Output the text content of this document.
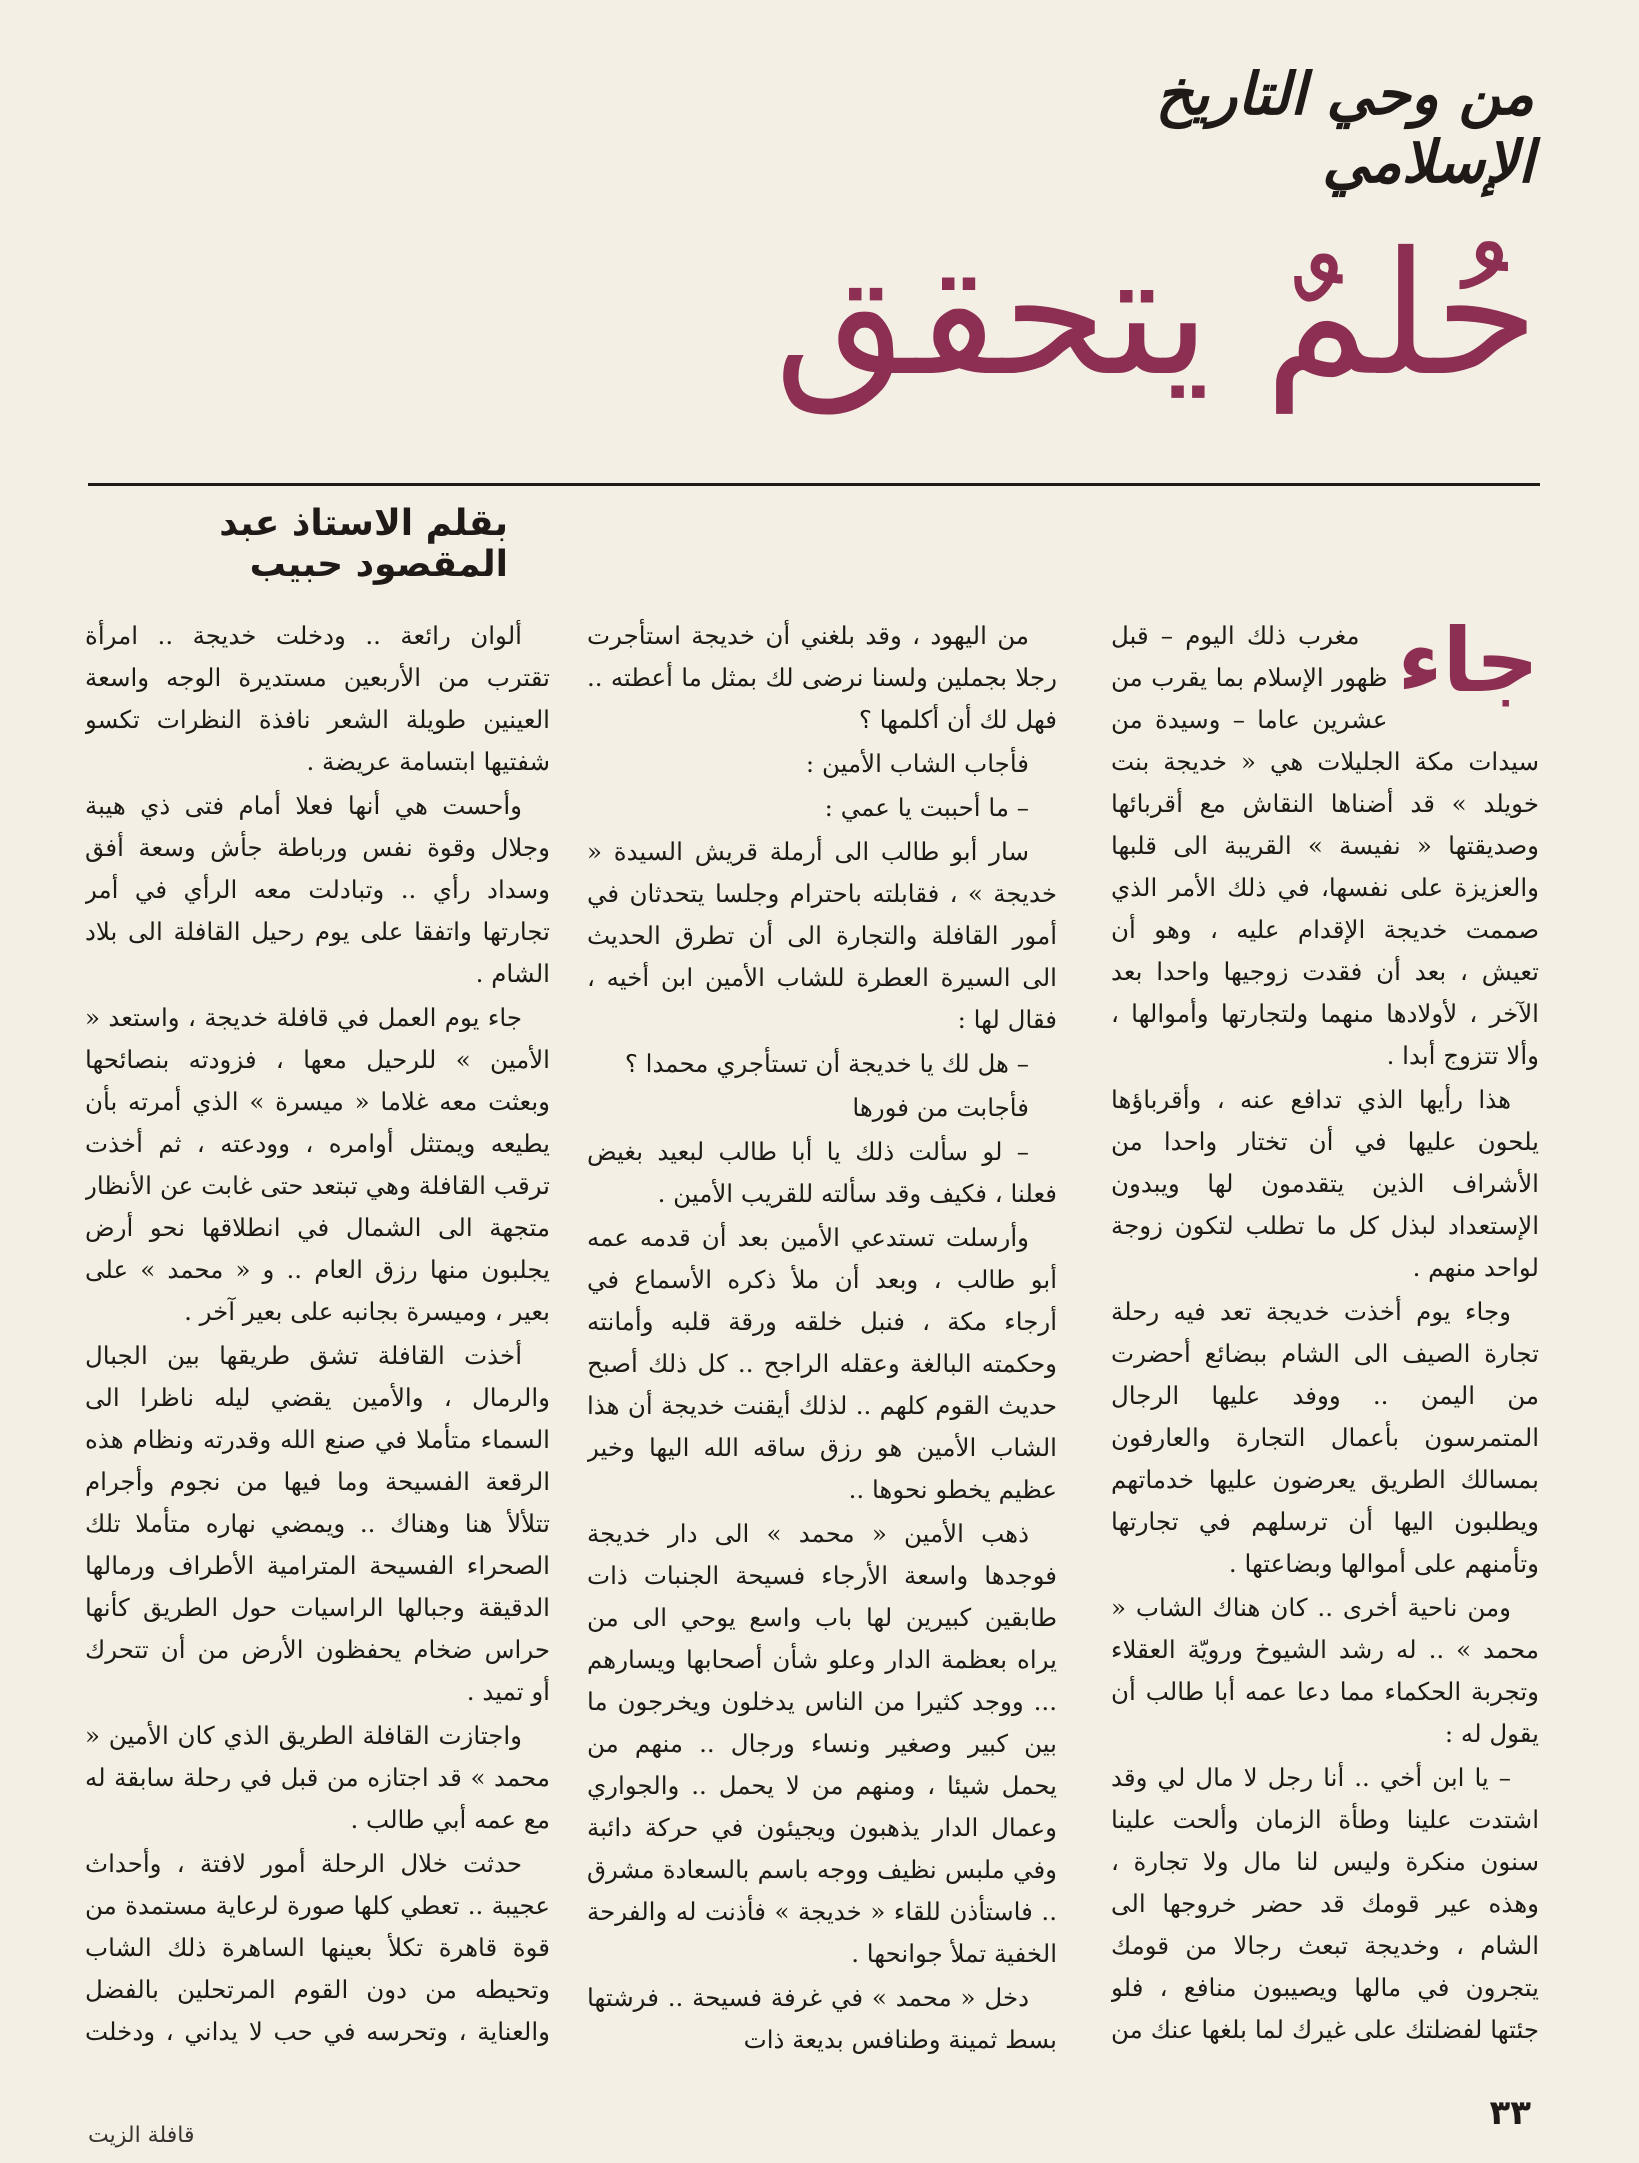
من وحي التاريخ الإسلامي
حُلمٌ يتحقق
بقلم الاستاذ عبد المقصود حبيب
جاء

مغرب ذلك اليوم – قبل ظهور الإسلام بما يقرب من عشرين عاما – وسيدة من سيدات مكة الجليلات هي « خديجة بنت خويلد » قد أضناها النقاش مع أقربائها وصديقتها « نفيسة » القريبة الى قلبها والعزيزة على نفسها، في ذلك الأمر الذي صممت خديجة الإقدام عليه ، وهو أن تعيش ، بعد أن فقدت زوجيها واحدا بعد الآخر ، لأولادها منهما ولتجارتها وأموالها ، وألا تتزوج أبدا .

هذا رأيها الذي تدافع عنه ، وأقرباؤها يلحون عليها في أن تختار واحدا من الأشراف الذين يتقدمون لها ويبدون الإستعداد لبذل كل ما تطلب لتكون زوجة لواحد منهم .

وجاء يوم أخذت خديجة تعد فيه رحلة تجارة الصيف الى الشام ببضائع أحضرت من اليمن .. ووفد عليها الرجال المتمرسون بأعمال التجارة والعارفون بمسالك الطريق يعرضون عليها خدماتهم ويطلبون اليها أن ترسلهم في تجارتها وتأمنهم على أموالها وبضاعتها .

ومن ناحية أخرى .. كان هناك الشاب « محمد » .. له رشد الشيوخ ورويّة العقلاء وتجربة الحكماء مما دعا عمه أبا طالب أن يقول له :

– يا ابن أخي .. أنا رجل لا مال لي وقد اشتدت علينا وطأة الزمان وألحت علينا سنون منكرة وليس لنا مال ولا تجارة ، وهذه عير قومك قد حضر خروجها الى الشام ، وخديجة تبعث رجالا من قومك يتجرون في مالها ويصيبون منافع ، فلو جئتها لفضلتك على غيرك لما بلغها عنك من

من اليهود ، وقد بلغني أن خديجة استأجرت رجلا بجملين ولسنا نرضى لك بمثل ما أعطته .. فهل لك أن أكلمها ؟

فأجاب الشاب الأمين :

– ما أحببت يا عمي :

سار أبو طالب الى أرملة قريش السيدة « خديجة » ، فقابلته باحترام وجلسا يتحدثان في أمور القافلة والتجارة الى أن تطرق الحديث الى السيرة العطرة للشاب الأمين ابن أخيه ، فقال لها :

– هل لك يا خديجة أن تستأجري محمدا ؟

فأجابت من فورها

– لو سألت ذلك يا أبا طالب لبعيد بغيض فعلنا ، فكيف وقد سألته للقريب الأمين .

وأرسلت تستدعي الأمين بعد أن قدمه عمه أبو طالب ، وبعد أن ملأ ذكره الأسماع في أرجاء مكة ، فنبل خلقه ورقة قلبه وأمانته وحكمته البالغة وعقله الراجح .. كل ذلك أصبح حديث القوم كلهم .. لذلك أيقنت خديجة أن هذا الشاب الأمين هو رزق ساقه الله اليها وخير عظيم يخطو نحوها ..

ذهب الأمين « محمد » الى دار خديجة فوجدها واسعة الأرجاء فسيحة الجنبات ذات طابقين كبيرين لها باب واسع يوحي الى من يراه بعظمة الدار وعلو شأن أصحابها ويسارهم ... ووجد كثيرا من الناس يدخلون ويخرجون ما بين كبير وصغير ونساء ورجال .. منهم من يحمل شيئا ، ومنهم من لا يحمل .. والجواري وعمال الدار يذهبون ويجيئون في حركة دائبة وفي ملبس نظيف ووجه باسم بالسعادة مشرق .. فاستأذن للقاء « خديجة » فأذنت له والفرحة الخفية تملأ جوانحها .

دخل « محمد » في غرفة فسيحة .. فرشتها بسط ثمينة وطنافس بديعة ذات

ألوان رائعة .. ودخلت خديجة .. امرأة تقترب من الأربعين مستديرة الوجه واسعة العينين طويلة الشعر نافذة النظرات تكسو شفتيها ابتسامة عريضة .

وأحست هي أنها فعلا أمام فتى ذي هيبة وجلال وقوة نفس ورباطة جأش وسعة أفق وسداد رأي .. وتبادلت معه الرأي في أمر تجارتها واتفقا على يوم رحيل القافلة الى بلاد الشام .

جاء يوم العمل في قافلة خديجة ، واستعد « الأمين » للرحيل معها ، فزودته بنصائحها وبعثت معه غلاما « ميسرة » الذي أمرته بأن يطيعه ويمتثل أوامره ، وودعته ، ثم أخذت ترقب القافلة وهي تبتعد حتى غابت عن الأنظار متجهة الى الشمال في انطلاقها نحو أرض يجلبون منها رزق العام .. و « محمد » على بعير ، وميسرة بجانبه على بعير آخر .

أخذت القافلة تشق طريقها بين الجبال والرمال ، والأمين يقضي ليله ناظرا الى السماء متأملا في صنع الله وقدرته ونظام هذه الرقعة الفسيحة وما فيها من نجوم وأجرام تتلألأ هنا وهناك .. ويمضي نهاره متأملا تلك الصحراء الفسيحة المترامية الأطراف ورمالها الدقيقة وجبالها الراسيات حول الطريق كأنها حراس ضخام يحفظون الأرض من أن تتحرك أو تميد .

واجتازت القافلة الطريق الذي كان الأمين « محمد » قد اجتازه من قبل في رحلة سابقة له مع عمه أبي طالب .

حدثت خلال الرحلة أمور لافتة ، وأحداث عجيبة .. تعطي كلها صورة لرعاية مستمدة من قوة قاهرة تكلأ بعينها الساهرة ذلك الشاب وتحيطه من دون القوم المرتحلين بالفضل والعناية ، وتحرسه في حب لا يداني ، ودخلت

٣٣
قافلة الزيت
